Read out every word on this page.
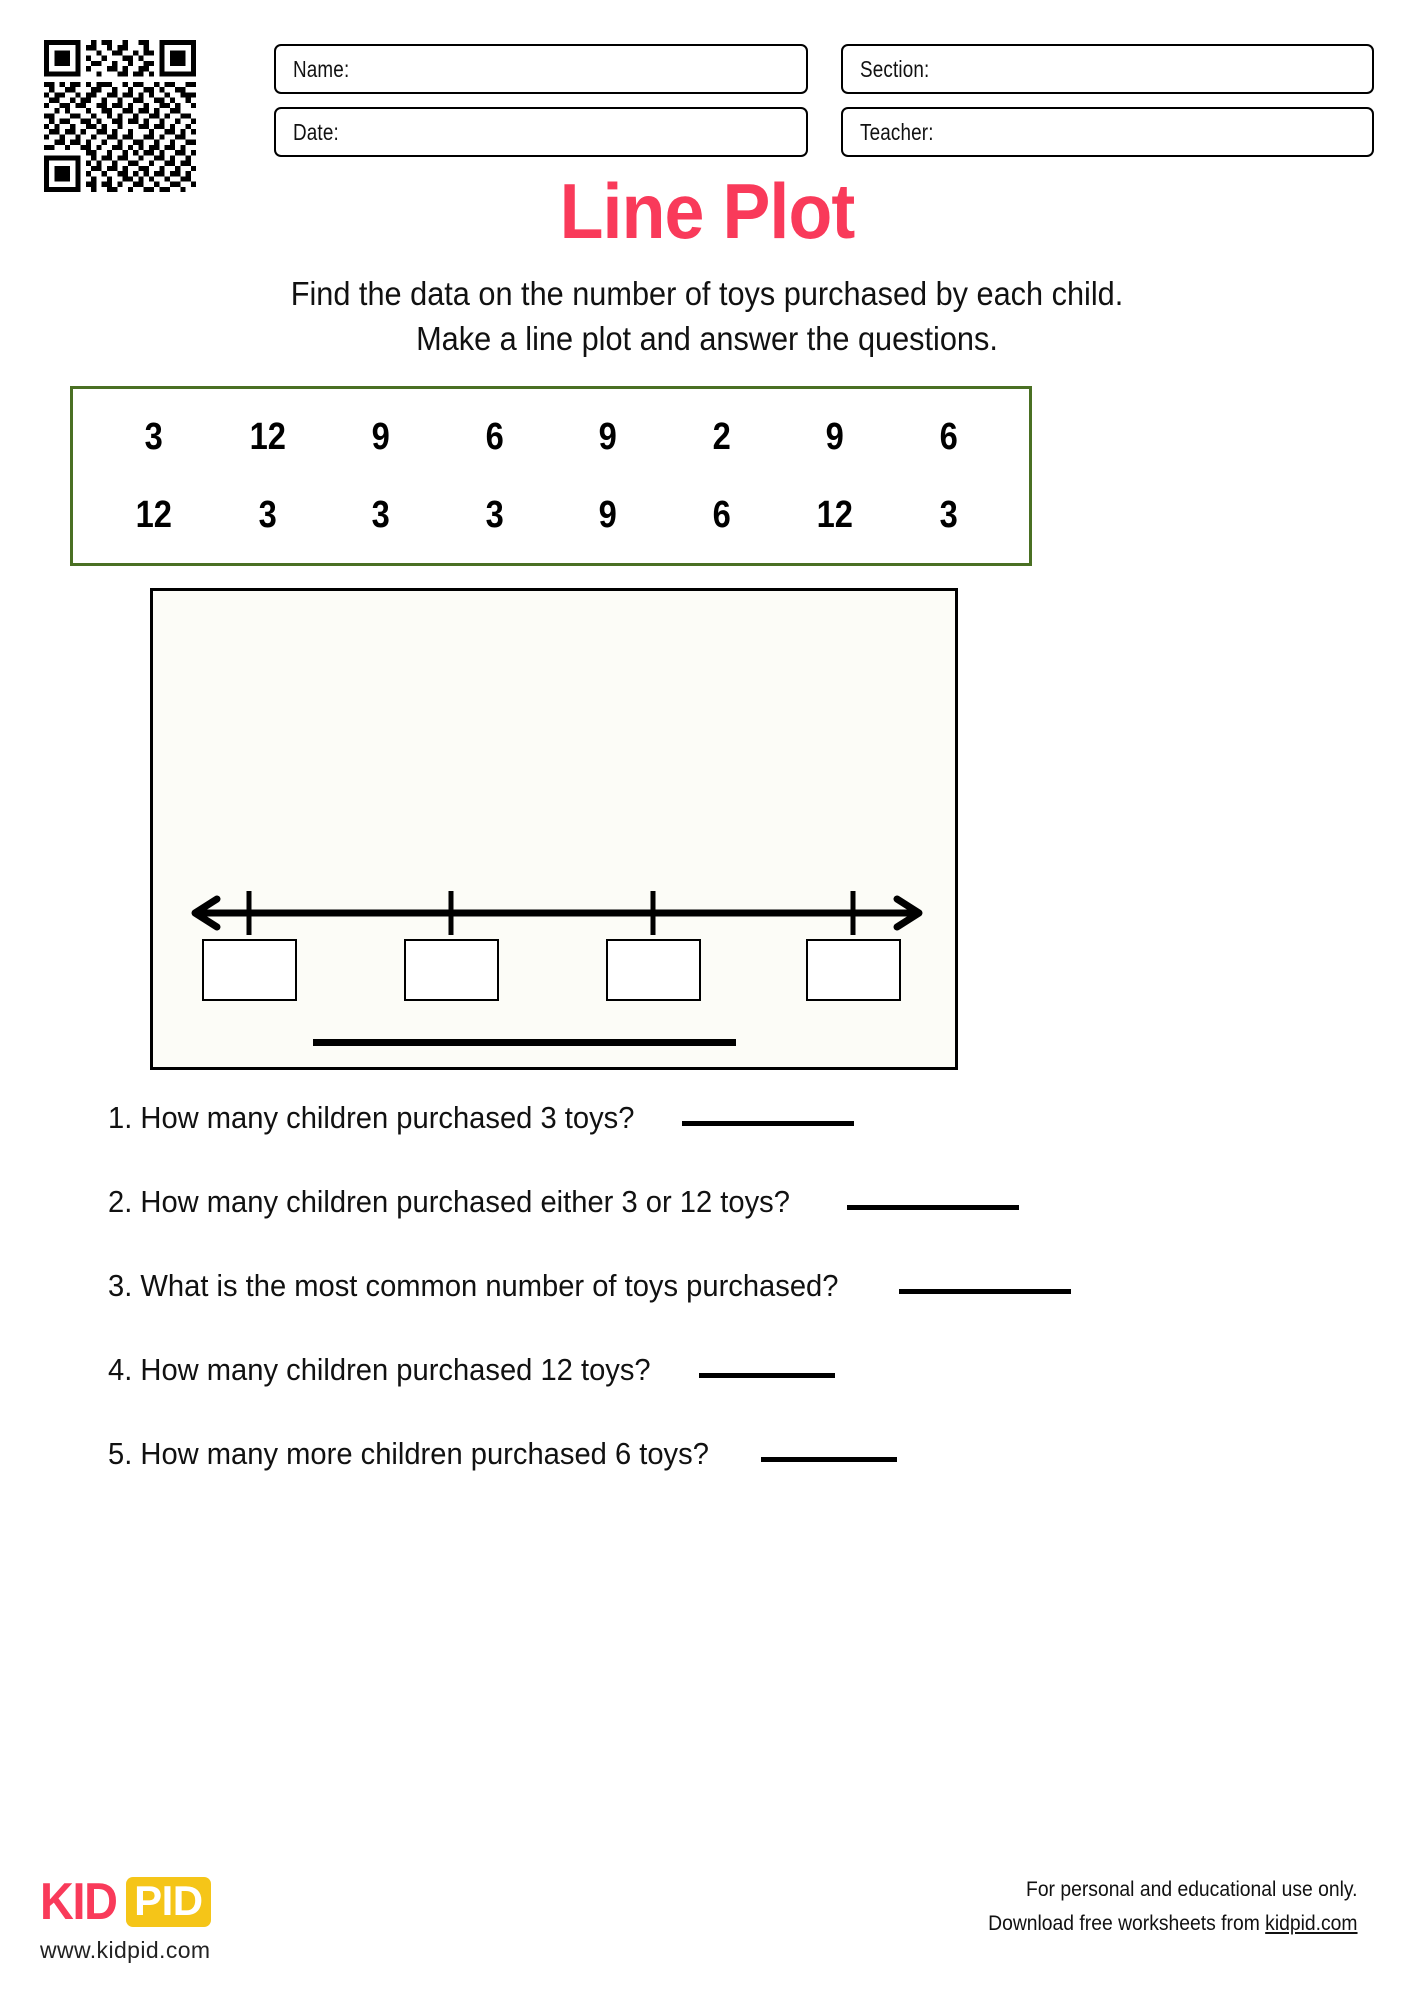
Name:	Section:
Date:	Teacher:
Line Plot
Find the data on the number of toys purchased by each child.
Make a line plot and answer the questions.
3	12	9	6	9	2	9	6
12	3	3	3	9	6	12	3
1. How many children purchased 3 toys?
2. How many children purchased either 3 or 12 toys?
3. What is the most common number of toys purchased?
4. How many children purchased 12 toys?
5. How many more children purchased 6 toys?
KID PID
www.kidpid.com
For personal and educational use only.
Download free worksheets from kidpid.com
